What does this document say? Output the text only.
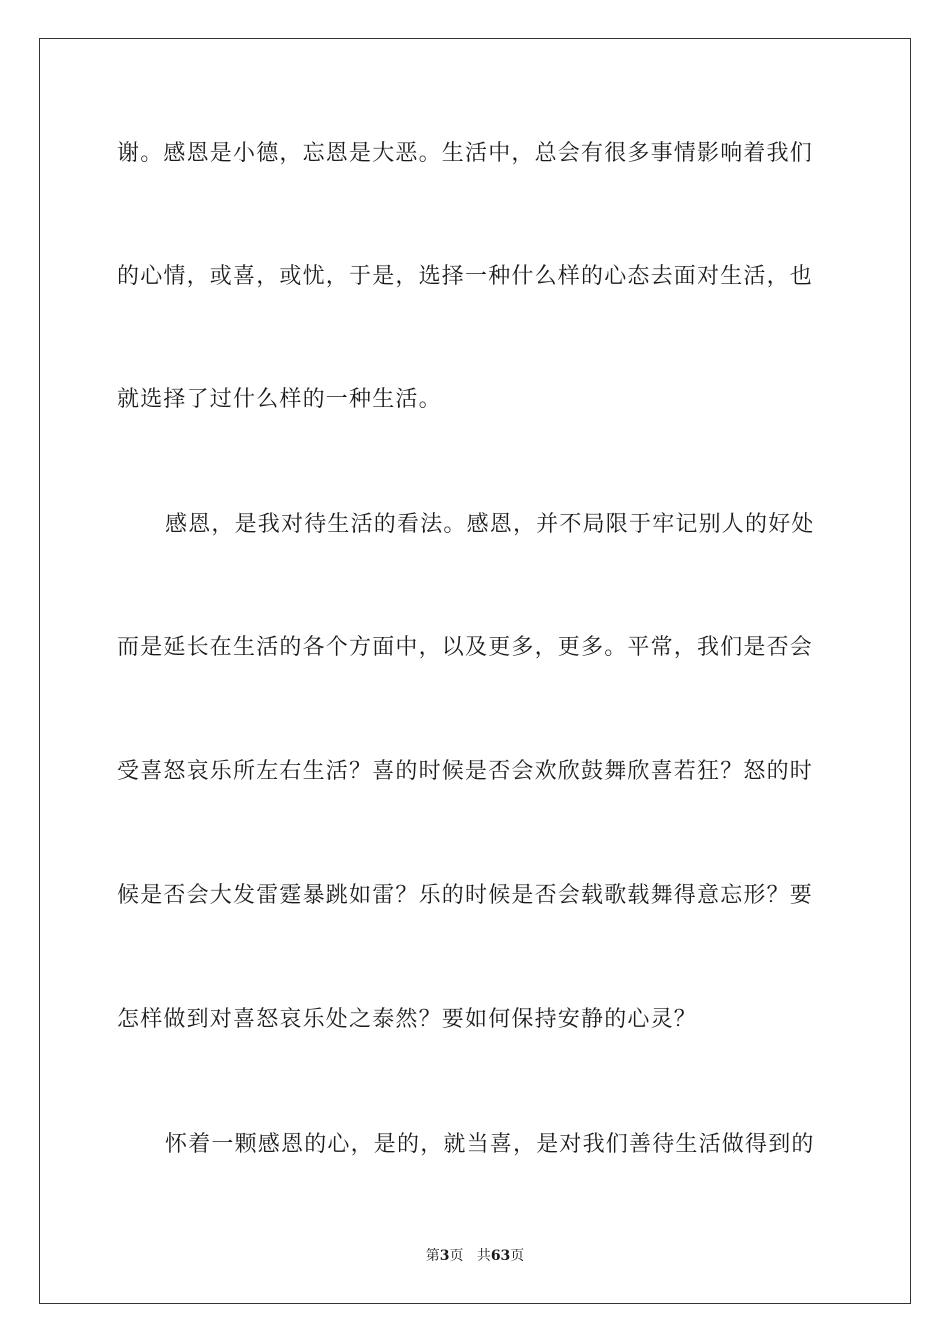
谢。感恩是小德，忘恩是大恶。生活中，总会有很多事情影响着我们
的心情，或喜，或忧，于是，选择一种什么样的心态去面对生活，也
就选择了过什么样的一种生活。
感恩，是我对待生活的看法。感恩，并不局限于牢记别人的好处
而是延长在生活的各个方面中，以及更多，更多。平常，我们是否会
受喜怒哀乐所左右生活？喜的时候是否会欢欣鼓舞欣喜若狂？怒的时
候是否会大发雷霆暴跳如雷？乐的时候是否会载歌载舞得意忘形？要
怎样做到对喜怒哀乐处之泰然？要如何保持安静的心灵？
怀着一颗感恩的心，是的，就当喜，是对我们善待生活做得到的
第3页 共63页
